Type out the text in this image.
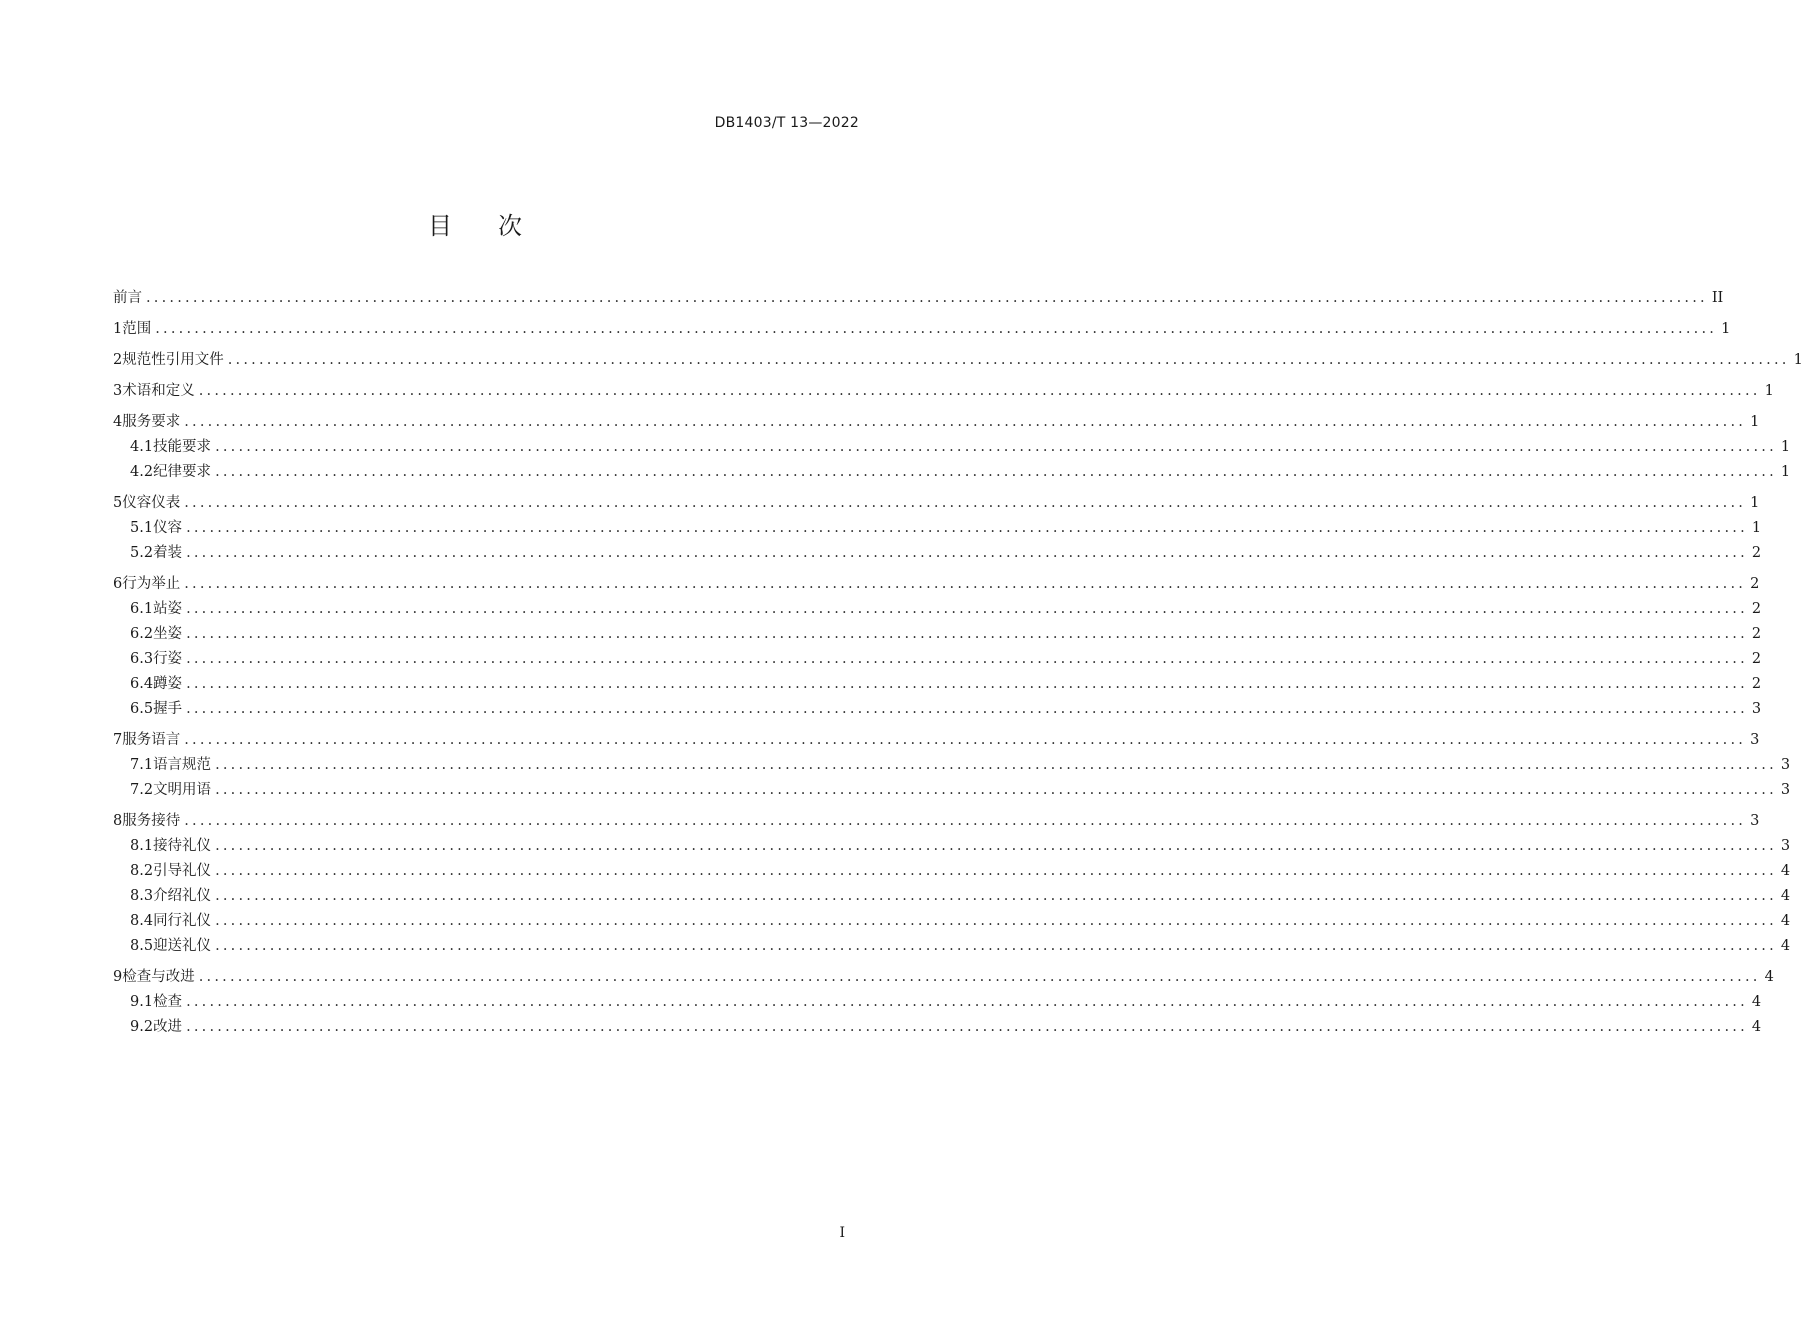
DB1403/T 13—2022
目 次
前 言 ........................................................................................................................................................................................................ II
1 范围 ........................................................................................................................................................................................................ 1
2 规范性引用文件 ........................................................................................................................................................................................................ 1
3 术语和定义 ........................................................................................................................................................................................................ 1
4 服务要求 ........................................................................................................................................................................................................ 1
4.1 技能要求 ........................................................................................................................................................................................................ 1
4.2 纪律要求 ........................................................................................................................................................................................................ 1
5 仪容仪表 ........................................................................................................................................................................................................ 1
5.1 仪容 ........................................................................................................................................................................................................ 1
5.2 着装 ........................................................................................................................................................................................................ 2
6 行为举止 ........................................................................................................................................................................................................ 2
6.1 站姿 ........................................................................................................................................................................................................ 2
6.2 坐姿 ........................................................................................................................................................................................................ 2
6.3 行姿 ........................................................................................................................................................................................................ 2
6.4 蹲姿 ........................................................................................................................................................................................................ 2
6.5 握手 ........................................................................................................................................................................................................ 3
7 服务语言 ........................................................................................................................................................................................................ 3
7.1 语言规范 ........................................................................................................................................................................................................ 3
7.2 文明用语 ........................................................................................................................................................................................................ 3
8 服务接待 ........................................................................................................................................................................................................ 3
8.1 接待礼仪 ........................................................................................................................................................................................................ 3
8.2 引导礼仪 ........................................................................................................................................................................................................ 4
8.3 介绍礼仪 ........................................................................................................................................................................................................ 4
8.4 同行礼仪 ........................................................................................................................................................................................................ 4
8.5 迎送礼仪 ........................................................................................................................................................................................................ 4
9 检查与改进 ........................................................................................................................................................................................................ 4
9.1 检查 ........................................................................................................................................................................................................ 4
9.2 改进 ........................................................................................................................................................................................................ 4
I
